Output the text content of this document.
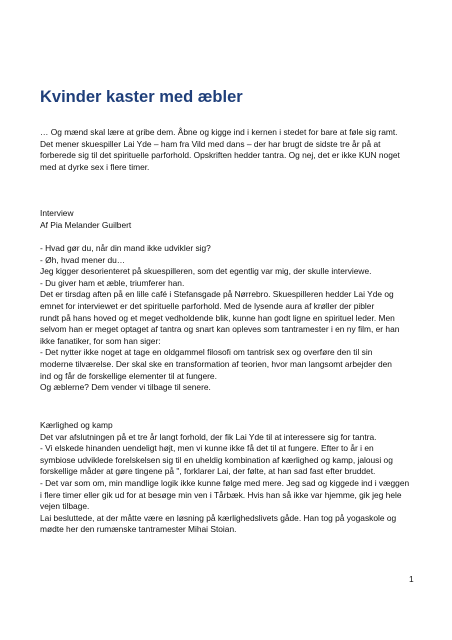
Kvinder kaster med æbler
… Og mænd skal lære at gribe dem. Åbne og kigge ind i kernen i stedet for bare at føle sig ramt.
Det mener skuespiller Lai Yde – ham fra Vild med dans – der har brugt de sidste tre år på at
forberede sig til det spirituelle parforhold. Opskriften hedder tantra. Og nej, det er ikke KUN noget
med at dyrke sex i flere timer.
Interview
Af Pia Melander Guilbert
- Hvad gør du, når din mand ikke udvikler sig?
- Øh, hvad mener du…
Jeg kigger desorienteret på skuespilleren, som det egentlig var mig, der skulle interviewe.
- Du giver ham et æble, triumferer han.
Det er tirsdag aften på en lille café i Stefansgade på Nørrebro. Skuespilleren hedder Lai Yde og
emnet for interviewet er det spirituelle parforhold. Med de lysende aura af krøller der pibler
rundt på hans hoved og et meget vedholdende blik, kunne han godt ligne en spirituel leder. Men
selvom han er meget optaget af tantra og snart kan opleves som tantramester i en ny film, er han
ikke fanatiker, for som han siger:
- Det nytter ikke noget at tage en oldgammel filosofi om tantrisk sex og overføre den til sin
moderne tilværelse. Der skal ske en transformation af teorien, hvor man langsomt arbejder den
ind og får de forskellige elementer til at fungere.
Og æblerne? Dem vender vi tilbage til senere.
Kærlighed og kamp
Det var afslutningen på et tre år langt forhold, der fik Lai Yde til at interessere sig for tantra.
- Vi elskede hinanden uendeligt højt, men vi kunne ikke få det til at fungere. Efter to år i en
symbiose udviklede forelskelsen sig til en uheldig kombination af kærlighed og kamp, jalousi og
forskellige måder at gøre tingene på ", forklarer Lai, der følte, at han sad fast efter bruddet.
- Det var som om, min mandlige logik ikke kunne følge med mere. Jeg sad og kiggede ind i væggen
i flere timer eller gik ud for at besøge min ven i Tårbæk. Hvis han så ikke var hjemme, gik jeg hele
vejen tilbage.
Lai besluttede, at der måtte være en løsning på kærlighedslivets gåde. Han tog på yogaskole og
mødte her den rumænske tantramester Mihai Stoian.
1
